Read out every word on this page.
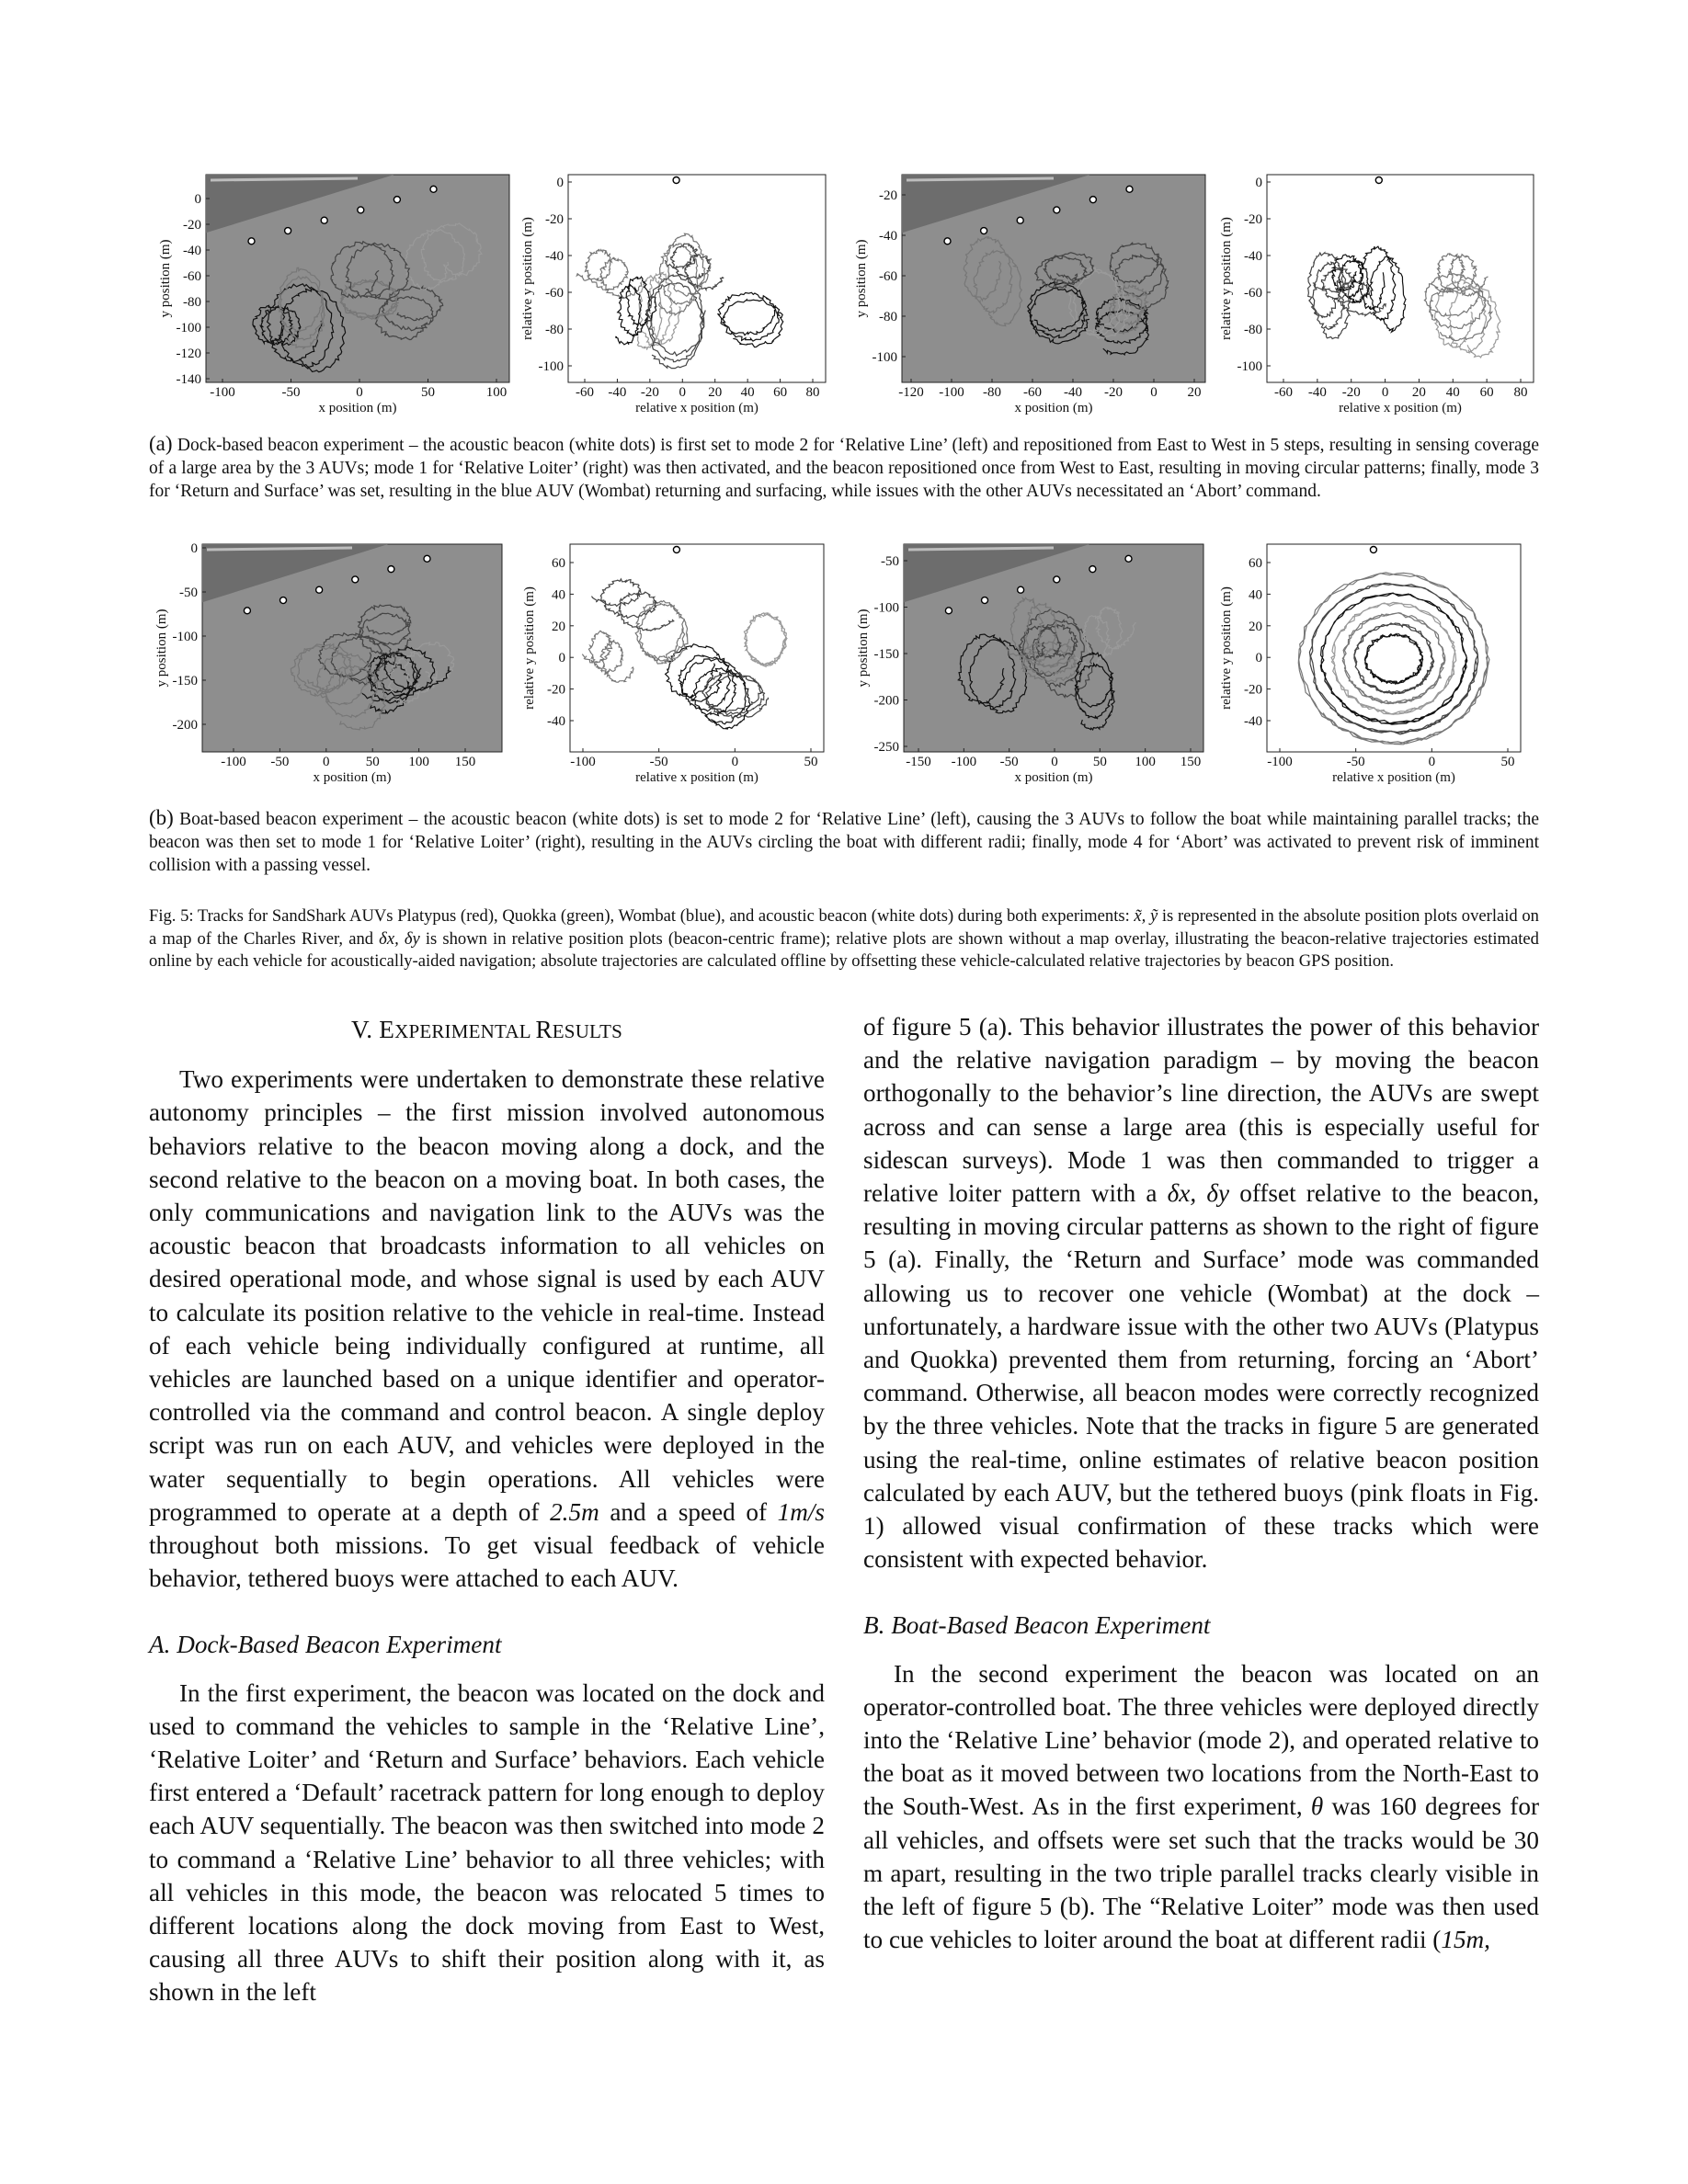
-100	-50	0	50	100
0
-20
-40
-60
-80
-100
-120
-140
x position (m)
y position (m)
-60 -40 -20 0 20 40 60 80
0
-20
-40
-60
-80
-100
relative x position (m)
relative y position (m)
-120 -100 -80 -60 -40 -20 0 20
-20
-40
-60
-80
-100
x position (m)
y position (m)
-60 -40 -20 0 20 40 60 80
0
-20
-40
-60
-80
-100
relative x position (m)
relative y position (m)

(a) Dock-based beacon experiment – the acoustic beacon (white dots) is first set to mode 2 for ‘Relative Line’ (left) and repositioned from East to West in 5 steps, resulting in sensing coverage of a large area by the 3 AUVs; mode 1 for ‘Relative Loiter’ (right) was then activated, and the beacon repositioned once from West to East, resulting in moving circular patterns; finally, mode 3 for ‘Return and Surface’ was set, resulting in the blue AUV (Wombat) returning and surfacing, while issues with the other AUVs necessitated an ‘Abort’ command.

-100 -50 0	50 100 150
0
-50
-100
-150
-200
x position (m)
y position (m)
-100	-50	0	50
60
40
20
0
-20
-40
relative x position (m)
relative y position (m)
-150 -100 -50 0	50 100 150
-50
-100
-150
-200
-250
x position (m)
y position (m)
-100	-50	0	50
60
40
20
0
-20
-40
relative x position (m)
relative y position (m)

(b) Boat-based beacon experiment – the acoustic beacon (white dots) is set to mode 2 for ‘Relative Line’ (left), causing the 3 AUVs to follow the boat while maintaining parallel tracks; the beacon was then set to mode 1 for ‘Relative Loiter’ (right), resulting in the AUVs circling the boat with different radii; finally, mode 4 for ‘Abort’ was activated to prevent risk of imminent collision with a passing vessel.

Fig. 5: Tracks for SandShark AUVs Platypus (red), Quokka (green), Wombat (blue), and acoustic beacon (white dots) during both experiments: x̃, ỹ is represented in the absolute position plots overlaid on a map of the Charles River, and δx, δy is shown in relative position plots (beacon-centric frame); relative plots are shown without a map overlay, illustrating the beacon-relative trajectories estimated online by each vehicle for acoustically-aided navigation; absolute trajectories are calculated offline by offsetting these vehicle-calculated relative trajectories by beacon GPS position.

V. EXPERIMENTAL RESULTS

Two experiments were undertaken to demonstrate these relative autonomy principles – the first mission involved autonomous behaviors relative to the beacon moving along a dock, and the second relative to the beacon on a moving boat. In both cases, the only communications and navigation link to the AUVs was the acoustic beacon that broadcasts information to all vehicles on desired operational mode, and whose signal is used by each AUV to calculate its position relative to the vehicle in real-time. Instead of each vehicle being individually configured at runtime, all vehicles are launched based on a unique identifier and operator-controlled via the command and control beacon. A single deploy script was run on each AUV, and vehicles were deployed in the water sequentially to begin operations. All vehicles were programmed to operate at a depth of 2.5m and a speed of 1m/s throughout both missions. To get visual feedback of vehicle behavior, tethered buoys were attached to each AUV.

A. Dock-Based Beacon Experiment

In the first experiment, the beacon was located on the dock and used to command the vehicles to sample in the ‘Relative Line’, ‘Relative Loiter’ and ‘Return and Surface’ behaviors. Each vehicle first entered a ‘Default’ racetrack pattern for long enough to deploy each AUV sequentially. The beacon was then switched into mode 2 to command a ‘Relative Line’ behavior to all three vehicles; with all vehicles in this mode, the beacon was relocated 5 times to different locations along the dock moving from East to West, causing all three AUVs to shift their position along with it, as shown in the left

of figure 5 (a). This behavior illustrates the power of this behavior and the relative navigation paradigm – by moving the beacon orthogonally to the behavior’s line direction, the AUVs are swept across and can sense a large area (this is especially useful for sidescan surveys). Mode 1 was then commanded to trigger a relative loiter pattern with a δx, δy offset relative to the beacon, resulting in moving circular patterns as shown to the right of figure 5 (a). Finally, the ‘Return and Surface’ mode was commanded allowing us to recover one vehicle (Wombat) at the dock – unfortunately, a hardware issue with the other two AUVs (Platypus and Quokka) prevented them from returning, forcing an ‘Abort’ command. Otherwise, all beacon modes were correctly recognized by the three vehicles. Note that the tracks in figure 5 are generated using the real-time, online estimates of relative beacon position calculated by each AUV, but the tethered buoys (pink floats in Fig. 1) allowed visual confirmation of these tracks which were consistent with expected behavior.

B. Boat-Based Beacon Experiment

In the second experiment the beacon was located on an operator-controlled boat. The three vehicles were deployed directly into the ‘Relative Line’ behavior (mode 2), and operated relative to the boat as it moved between two locations from the North-East to the South-West. As in the first experiment, θ was 160 degrees for all vehicles, and offsets were set such that the tracks would be 30 m apart, resulting in the two triple parallel tracks clearly visible in the left of figure 5 (b). The “Relative Loiter” mode was then used to cue vehicles to loiter around the boat at different radii (15m,
